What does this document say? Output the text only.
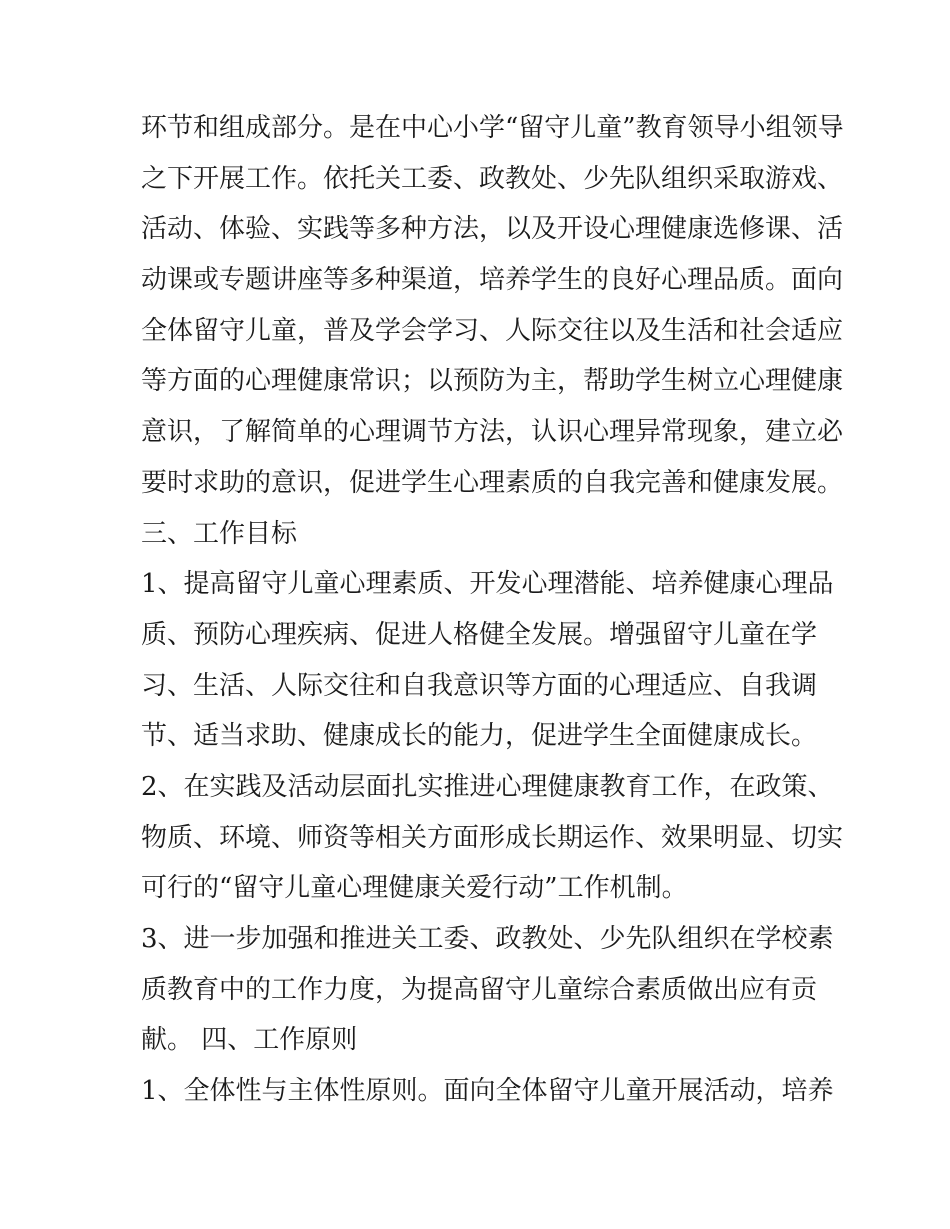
环节和组成部分。是在中心小学“留守儿童”教育领导小组领导
之下开展工作。依托关工委、政教处、少先队组织采取游戏、
活动、体验、实践等多种方法，以及开设心理健康选修课、活
动课或专题讲座等多种渠道，培养学生的良好心理品质。面向
全体留守儿童，普及学会学习、人际交往以及生活和社会适应
等方面的心理健康常识；以预防为主，帮助学生树立心理健康
意识，了解简单的心理调节方法，认识心理异常现象，建立必
要时求助的意识，促进学生心理素质的自我完善和健康发展。
三、工作目标
1、提高留守儿童心理素质、开发心理潜能、培养健康心理品
质、预防心理疾病、促进人格健全发展。增强留守儿童在学
习、生活、人际交往和自我意识等方面的心理适应、自我调
节、适当求助、健康成长的能力，促进学生全面健康成长。
2、在实践及活动层面扎实推进心理健康教育工作，在政策、
物质、环境、师资等相关方面形成长期运作、效果明显、切实
可行的“留守儿童心理健康关爱行动”工作机制。
3、进一步加强和推进关工委、政教处、少先队组织在学校素
质教育中的工作力度，为提高留守儿童综合素质做出应有贡
献。 四、工作原则
1、全体性与主体性原则。面向全体留守儿童开展活动，培养
